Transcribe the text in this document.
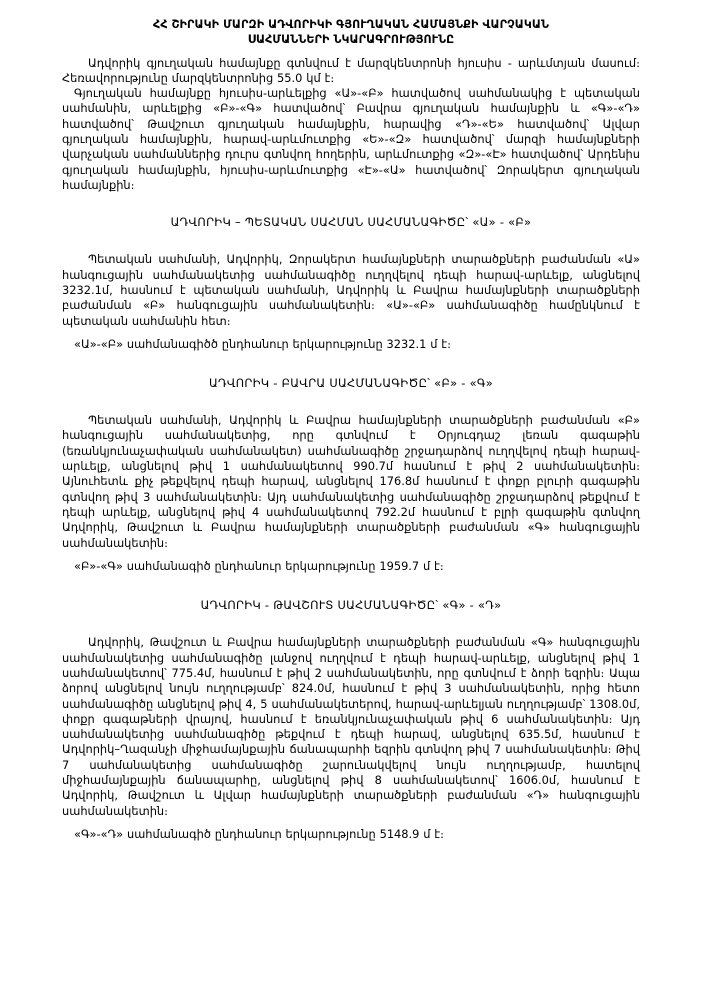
ՀՀ ՇԻՐԱԿԻ ՄԱՐԶԻ ԱԴՎՈՐԻԿԻ ԳՅՈՒՂԱԿԱՆ ՀԱՄԱՅՆՔԻ ՎԱՐՉԱԿԱՆ
ՍԱՀՄԱՆՆԵՐԻ ՆԿԱՐԱԳՐՈՒԹՅՈՒՆԸ

Ադվորիկ գյուղական համայնքը գտնվում է մարզկենտրոնի հյուսիս - արևմտյան մասում։ Հեռավորությունը մարզկենտրոնից 55.0 կմ է։

Գյուղական համայնքը հյուսիս-արևելքից «Ա»-«Բ» հատվածով սահմանակից է պետական սահմանին, արևելքից «Բ»-«Գ» հատվածով՝ Բավրա գյուղական համայնքին և «Գ»-«Դ» հատվածով՝ Թավշուտ գյուղական համայնքին, հարավից «Դ»-«Ե» հատվածով՝ Ալվար գյուղական համայնքին, հարավ-արևմուտքից «Ե»-«Զ» հատվածով՝ մարզի համայնքների վարչական սահմաններից դուրս գտնվող հողերին, արևմուտքից «Զ»-«Է» հատվածով՝ Արդենիս գյուղական համայնքին, հյուսիս-արևմուտքից «Է»-«Ա» հատվածով՝ Զորակերտ գյուղական համայնքին։

ԱԴՎՈՐԻԿ – ՊԵՏԱԿԱՆ ՍԱՀՄԱՆ ՍԱՀՄԱՆԱԳԻԾԸ՝ «Ա» - «Բ»

Պետական սահմանի, Ադվորիկ, Զորակերտ համայնքների տարածքների բաժանման «Ա» հանգուցային սահմանակետից սահմանագիծը ուղղվելով դեպի հարավ-արևելք, անցնելով 3232.1մ, հասնում է պետական սահմանի, Ադվորիկ և Բավրա համայնքների տարածքների բաժանման «Բ» հանգուցային սահմանակետին։ «Ա»-«Բ» սահմանագիծը համընկնում է պետական սահմանին հետ։

«Ա»-«Բ» սահմանագիծծ ընդհանուր երկարությունը 3232.1 մ է։

ԱԴՎՈՐԻԿ - ԲԱՎՐԱ ՍԱՀՄԱՆԱԳԻԾԸ՝ «Բ» - «Գ»

Պետական սահմանի, Ադվորիկ և Բավրա համայնքների տարածքների բաժանման «Բ» հանգուցային սահմանակետից, որը գտնվում է Օրյուգդաշ լեռան գագաթին (եռանկյունաչափական սահմանակետ) սահմանագիծը շրջադարձով ուղղվելով դեպի հարավ-արևելք, անցնելով թիվ 1 սահմանակետով 990.7մ հասնում է թիվ 2 սահմանակետին։ Այնուհետև քիչ թեքվելով դեպի հարավ, անցնելով 176.8մ հասնում է փոքր բլուրի գագաթին գտնվող թիվ 3 սահմանակետին։ Այդ սահմանակետից սահմանագիծը շրջադարձով թեքվում է դեպի արևելք, անցնելով թիվ 4 սահմանակետով 792.2մ հասնում է բլրի գագաթին գտնվող Ադվորիկ, Թավշուտ և Բավրա համայնքների տարածքների բաժանման «Գ» հանգուցային սահմանակետին։

«Բ»-«Գ» սահմանագիծ ընդհանուր երկարությունը 1959.7 մ է։

ԱԴՎՈՐԻԿ - ԹԱՎՇՈՒՏ ՍԱՀՄԱՆԱԳԻԾԸ՝ «Գ» - «Դ»

Ադվորիկ, Թավշուտ և Բավրա համայնքների տարածքների բաժանման «Գ» հանգուցային սահմանակետից սահմանագիծը լանջով ուղղվում է դեպի հարավ-արևելք, անցնելով թիվ 1 սահմանակետով՝ 775.4մ, հասնում է թիվ 2 սահմանակետին, որը գտնվում է ձորի եզրին։ Ապա ձորով անցնելով նույն ուղղությամբ՝ 824.0մ, հասնում է թիվ 3 սահմանակետին, որից հետո սահմանագիծը անցնելով թիվ 4, 5 սահմանակետերով, հարավ-արևելյան ուղղությամբ՝ 1308.0մ, փոքր գագաթների վրայով, հասնում է եռանկյունաչափական թիվ 6 սահմանակետին։ Այդ սահմանակետից սահմանագիծը թեքվում է դեպի հարավ, անցնելով 635.5մ, հասնում է Ադվորիկ–Ղազանչի միջհամայնքային ճանապարհի եզրին գտնվող թիվ 7 սահմանակետին։ Թիվ 7 սահմանակետից սահմանագիծը շարունակվելով նույն ուղղությամբ, հատելով միջհամայնքային ճանապարհը, անցնելով թիվ 8 սահմանակետով՝ 1606.0մ, հասնում է Ադվորիկ, Թավշուտ և Ալվար համայնքների տարածքների բաժանման «Դ» հանգուցային սահմանակետին։

«Գ»-«Դ» սահմանագիծ ընդհանուր երկարությունը 5148.9 մ է։
